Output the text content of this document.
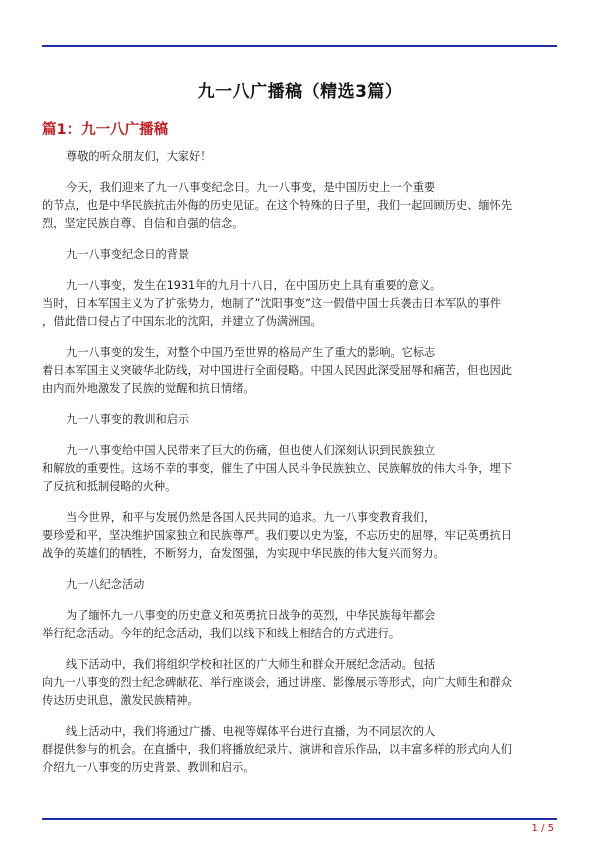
九一八广播稿（精选3篇）
篇1：九一八广播稿
尊敬的听众朋友们，大家好！
今天，我们迎来了九一八事变纪念日。九一八事变，是中国历史上一个重要
的节点，也是中华民族抗击外侮的历史见证。在这个特殊的日子里，我们一起回顾历史、缅怀先
烈，坚定民族自尊、自信和自强的信念。
九一八事变纪念日的背景
九一八事变，发生在1931年的九月十八日，在中国历史上具有重要的意义。
当时，日本军国主义为了扩张势力，炮制了”沈阳事变”这一假借中国士兵袭击日本军队的事件
，借此借口侵占了中国东北的沈阳，并建立了伪满洲国。
九一八事变的发生，对整个中国乃至世界的格局产生了重大的影响。它标志
着日本军国主义突破华北防线，对中国进行全面侵略。中国人民因此深受屈辱和痛苦，但也因此
由内而外地激发了民族的觉醒和抗日情绪。
九一八事变的教训和启示
九一八事变给中国人民带来了巨大的伤痛，但也使人们深刻认识到民族独立
和解放的重要性。这场不幸的事变，催生了中国人民斗争民族独立、民族解放的伟大斗争，埋下
了反抗和抵制侵略的火种。
当今世界，和平与发展仍然是各国人民共同的追求。九一八事变教育我们，
要珍爱和平，坚决维护国家独立和民族尊严。我们要以史为鉴，不忘历史的屈辱，牢记英勇抗日
战争的英雄们的牺牲，不断努力，奋发图强，为实现中华民族的伟大复兴而努力。
九一八纪念活动
为了缅怀九一八事变的历史意义和英勇抗日战争的英烈，中华民族每年都会
举行纪念活动。今年的纪念活动，我们以线下和线上相结合的方式进行。
线下活动中，我们将组织学校和社区的广大师生和群众开展纪念活动。包括
向九一八事变的烈士纪念碑献花、举行座谈会，通过讲座、影像展示等形式，向广大师生和群众
传达历史讯息，激发民族精神。
线上活动中，我们将通过广播、电视等媒体平台进行直播，为不同层次的人
群提供参与的机会。在直播中，我们将播放纪录片、演讲和音乐作品，以丰富多样的形式向人们
介绍九一八事变的历史背景、教训和启示。
1 / 5
